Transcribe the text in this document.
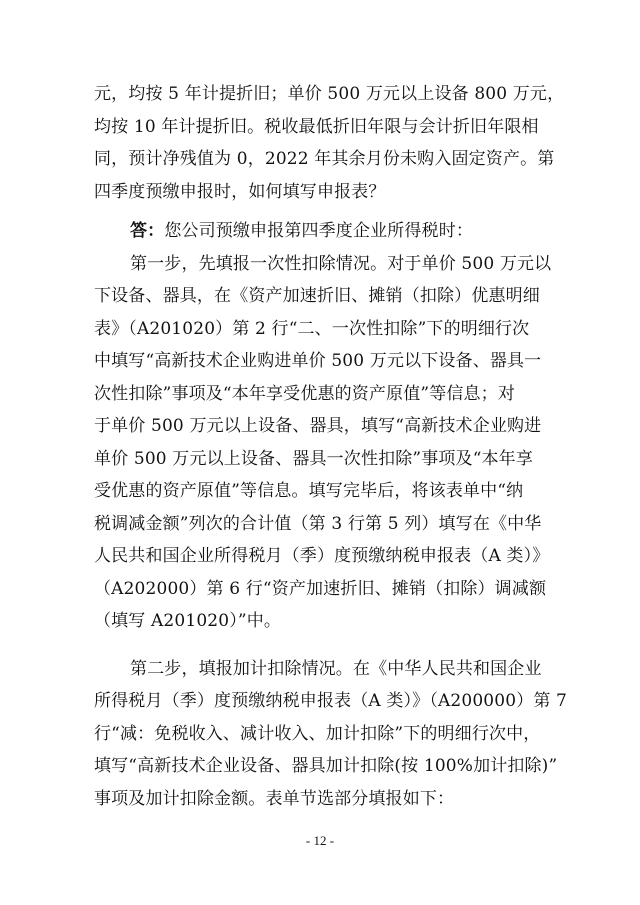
元，均按 5 年计提折旧；单价 500 万元以上设备 800 万元，
均按 10 年计提折旧。税收最低折旧年限与会计折旧年限相
同，预计净残值为 0，2022 年其余月份未购入固定资产。第
四季度预缴申报时，如何填写申报表？
答：您公司预缴申报第四季度企业所得税时：
第一步，先填报一次性扣除情况。对于单价 500 万元以
下设备、器具，在《资产加速折旧、摊销（扣除）优惠明细
表》（A201020）第 2 行“二、一次性扣除”下的明细行次
中填写“高新技术企业购进单价 500 万元以下设备、器具一
次性扣除”事项及“本年享受优惠的资产原值”等信息；对
于单价 500 万元以上设备、器具，填写“高新技术企业购进
单价 500 万元以上设备、器具一次性扣除”事项及“本年享
受优惠的资产原值”等信息。填写完毕后，将该表单中“纳
税调减金额”列次的合计值（第 3 行第 5 列）填写在《中华
人民共和国企业所得税月（季）度预缴纳税申报表（A 类）》
（A202000）第 6 行“资产加速折旧、摊销（扣除）调减额
（填写 A201020）”中。
第二步，填报加计扣除情况。在《中华人民共和国企业
所得税月（季）度预缴纳税申报表（A 类）》（A200000）第 7
行“减：免税收入、减计收入、加计扣除”下的明细行次中，
填写“高新技术企业设备、器具加计扣除(按 100%加计扣除)”
事项及加计扣除金额。表单节选部分填报如下：
- 12 -
